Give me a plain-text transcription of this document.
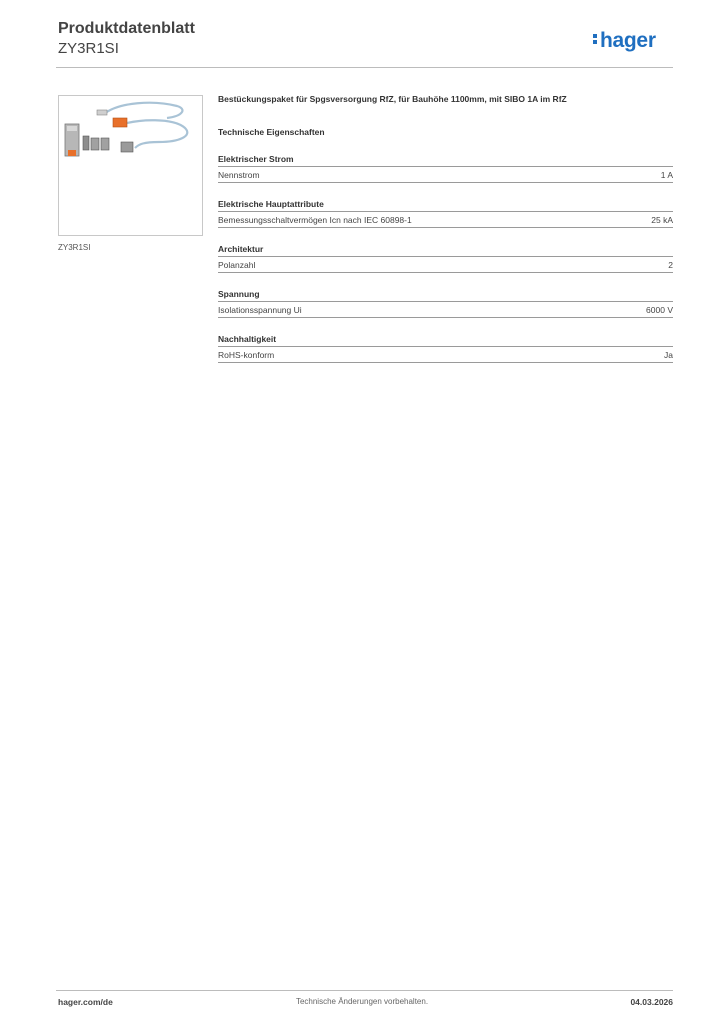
Produktdatenblatt
ZY3R1SI	hager
ZY3R1SI

Bestückungspaket für Spgsversorgung RfZ, für Bauhöhe 1100mm, mit SIBO 1A im RfZ

Technische Eigenschaften
Elektrischer Strom
Nennstrom	1 A
Elektrische Hauptattribute
Bemessungsschaltvermögen Icn nach IEC 60898-1	25 kA
Architektur
Polanzahl	2
Spannung
Isolationsspannung Ui	6000 V
Nachhaltigkeit
RoHS-konform	Ja
hager.com/de	Technische Änderungen vorbehalten.	04.03.2026
